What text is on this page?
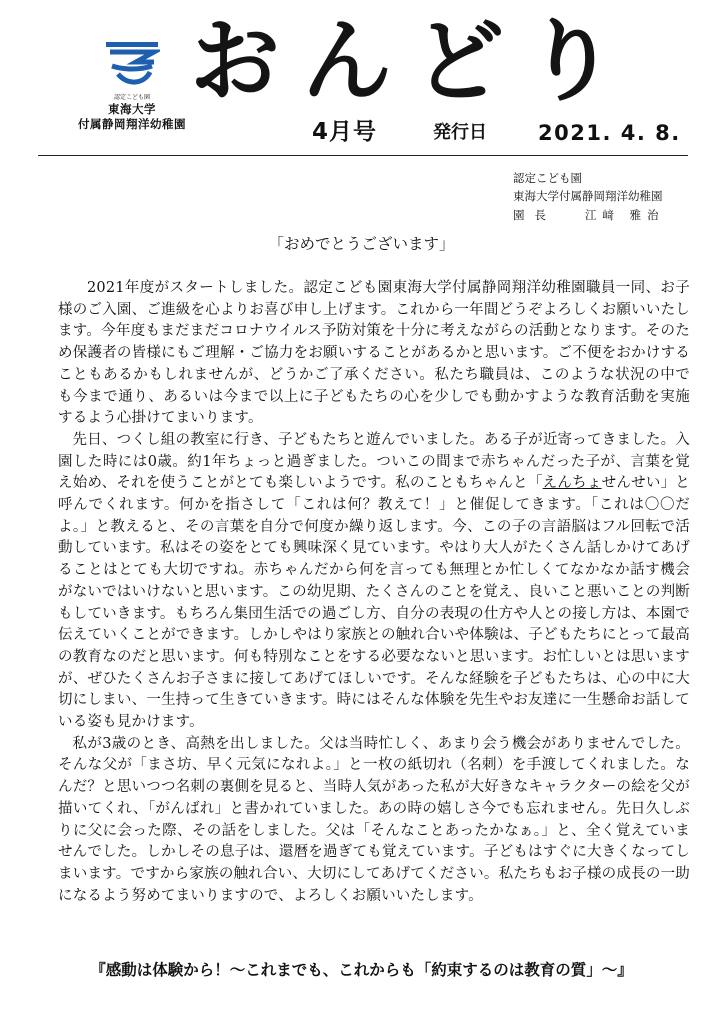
認定こども園
東海大学
付属静岡翔洋幼稚園
おんどり
4月号	発行日 2021. 4. 8.
認定こども園
東海大学付属静岡翔洋幼稚園
園長	江﨑 雅治
「おめでとうございます」

2021年度がスタートしました。認定こども園東海大学付属静岡翔洋幼稚園職員一同、お子様のご入園、ご進級を心よりお喜び申し上げます。これから一年間どうぞよろしくお願いいたします。今年度もまだまだコロナウイルス予防対策を十分に考えながらの活動となります。そのため保護者の皆様にもご理解・ご協力をお願いすることがあるかと思います。ご不便をおかけすることもあるかもしれませんが、どうかご了承ください。私たち職員は、このような状況の中でも今まで通り、あるいは今まで以上に子どもたちの心を少しでも動かすような教育活動を実施するよう心掛けてまいります。

先日、つくし組の教室に行き、子どもたちと遊んでいました。ある子が近寄ってきました。入園した時には0歳。約1年ちょっと過ぎました。ついこの間まで赤ちゃんだった子が、言葉を覚え始め、それを使うことがとても楽しいようです。私のこともちゃんと「えんちょせんせい」と呼んでくれます。何かを指さして「これは何？教えて！」と催促してきます。「これは〇〇だよ。」と教えると、その言葉を自分で何度か繰り返します。今、この子の言語脳はフル回転で活動しています。私はその姿をとても興味深く見ています。やはり大人がたくさん話しかけてあげることはとても大切ですね。赤ちゃんだから何を言っても無理とか忙しくてなかなか話す機会がないではいけないと思います。この幼児期、たくさんのことを覚え、良いこと悪いことの判断もしていきます。もちろん集団生活での過ごし方、自分の表現の仕方や人との接し方は、本園で伝えていくことができます。しかしやはり家族との触れ合いや体験は、子どもたちにとって最高の教育なのだと思います。何も特別なことをする必要なないと思います。お忙しいとは思いますが、ぜひたくさんお子さまに接してあげてほしいです。そんな経験を子どもたちは、心の中に大切にしまい、一生持って生きていきます。時にはそんな体験を先生やお友達に一生懸命お話している姿も見かけます。

私が3歳のとき、高熱を出しました。父は当時忙しく、あまり会う機会がありませんでした。そんな父が「まさ坊、早く元気になれよ。」と一枚の紙切れ（名刺）を手渡してくれました。なんだ？と思いつつ名刺の裏側を見ると、当時人気があった私が大好きなキャラクターの絵を父が描いてくれ、「がんばれ」と書かれていました。あの時の嬉しさ今でも忘れません。先日久しぶりに父に会った際、その話をしました。父は「そんなことあったかなぁ。」と、全く覚えていませんでした。しかしその息子は、還暦を過ぎても覚えています。子どもはすぐに大きくなってしまいます。ですから家族の触れ合い、大切にしてあげてください。私たちもお子様の成長の一助になるよう努めてまいりますので、よろしくお願いいたします。

『感動は体験から！～これまでも、これからも「約束するのは教育の質」～』
